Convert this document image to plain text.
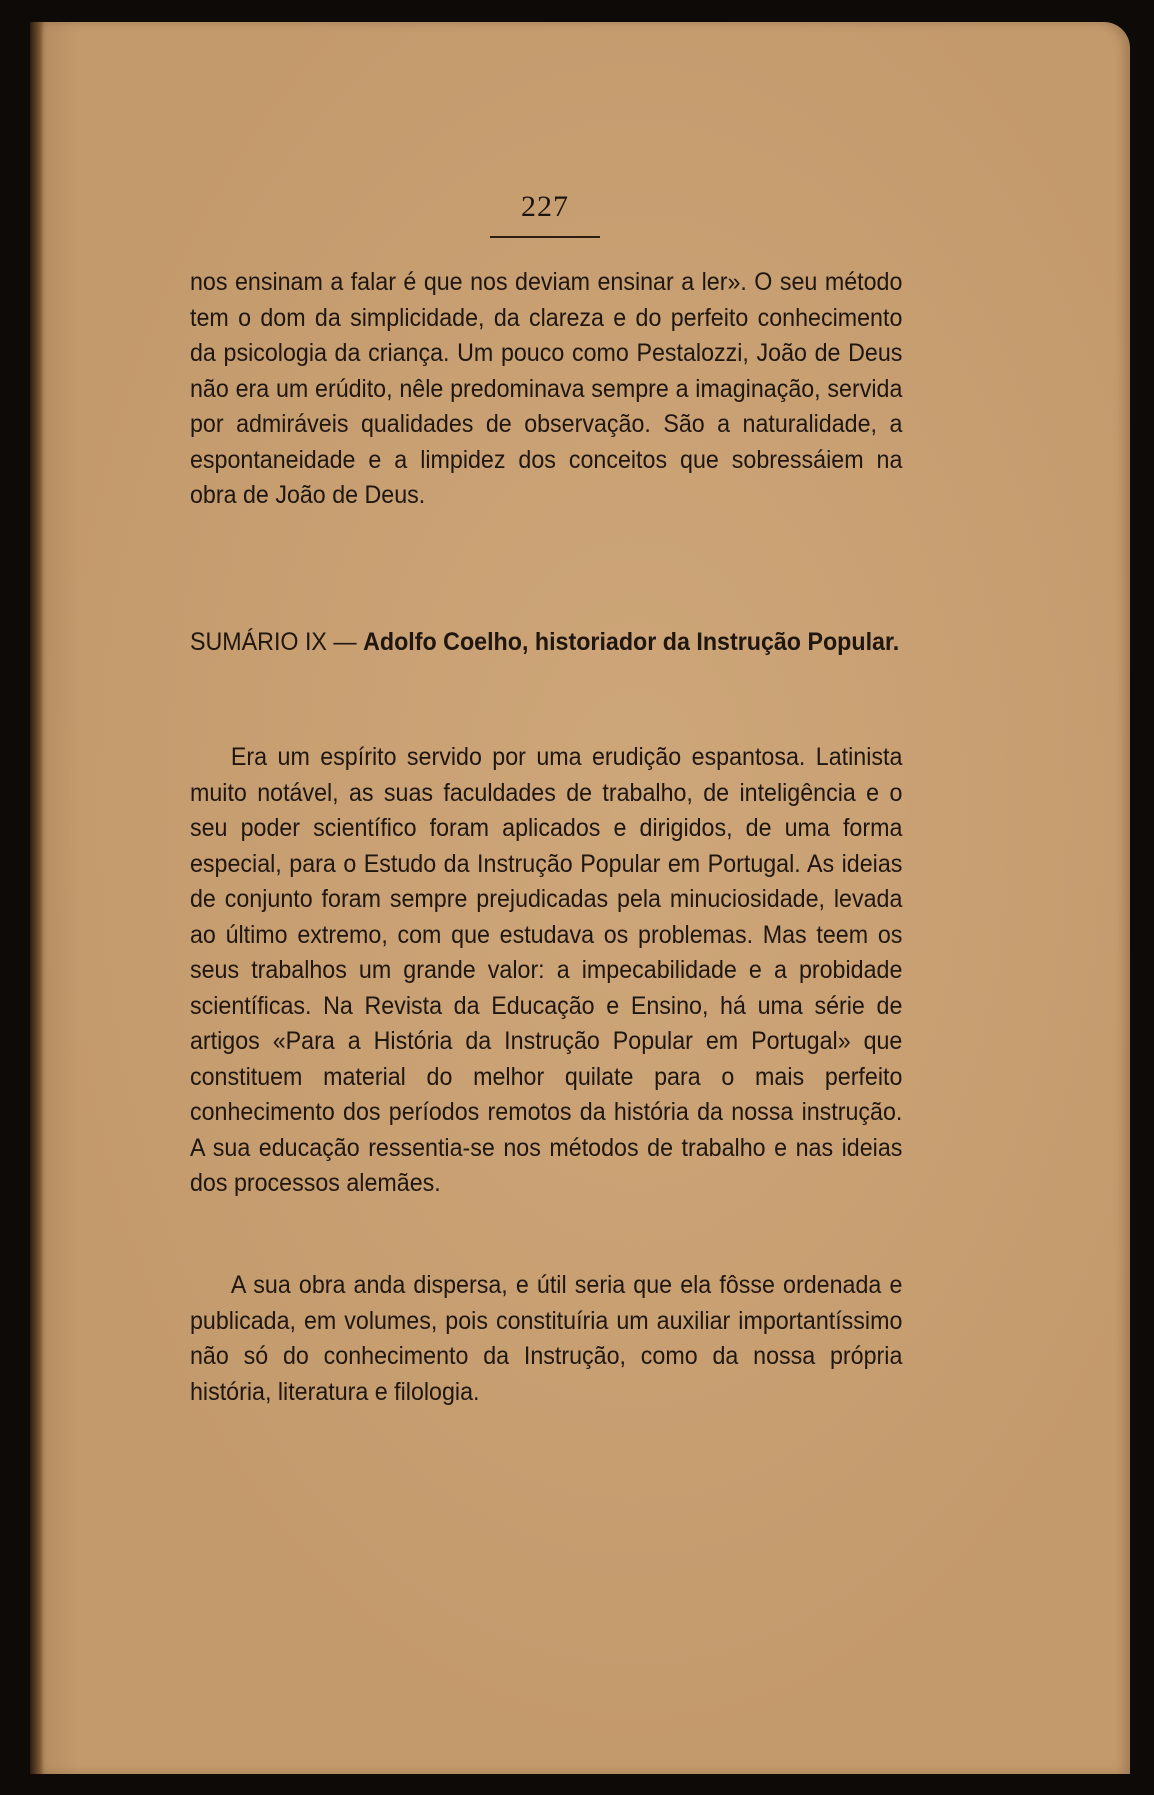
227

nos ensinam a falar é que nos deviam ensinar a ler». O seu método tem o dom da simplicidade, da clareza e do perfeito conhecimento da psicologia da criança. Um pouco como Pestalozzi, João de Deus não era um erúdito, nêle predominava sempre a imaginação, servida por admiráveis qualidades de observação. São a naturalidade, a espontaneidade e a limpidez dos conceitos que sobressáiem na obra de João de Deus.

SUMÁRIO IX — Adolfo Coelho, historiador da Instrução Popular.

Era um espírito servido por uma erudição espantosa. Latinista muito notável, as suas faculdades de trabalho, de inteligência e o seu poder scientífico foram aplicados e dirigidos, de uma forma especial, para o Estudo da Instrução Popular em Portugal. As ideias de conjunto foram sempre prejudicadas pela minuciosidade, levada ao último extremo, com que estudava os problemas. Mas teem os seus trabalhos um grande valor: a impecabilidade e a probidade scientíficas. Na Revista da Educação e Ensino, há uma série de artigos «Para a História da Instrução Popular em Portugal» que constituem material do melhor quilate para o mais perfeito conhecimento dos períodos remotos da história da nossa instrução. A sua educação ressentia-se nos métodos de trabalho e nas ideias dos processos alemães.

A sua obra anda dispersa, e útil seria que ela fôsse ordenada e publicada, em volumes, pois constituíria um auxiliar importantíssimo não só do conhecimento da Instrução, como da nossa própria história, literatura e filologia.
